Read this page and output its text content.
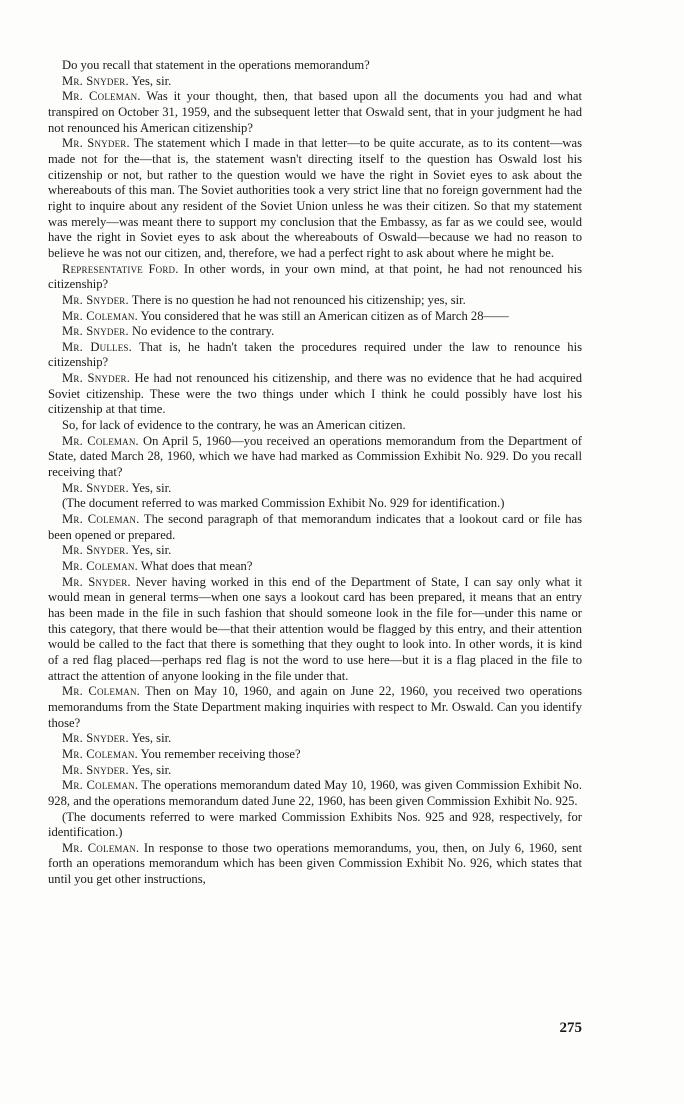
Do you recall that statement in the operations memorandum?

Mr. Snyder. Yes, sir.

Mr. Coleman. Was it your thought, then, that based upon all the documents you had and what transpired on October 31, 1959, and the subsequent letter that Oswald sent, that in your judgment he had not renounced his American citizenship?

Mr. Snyder. The statement which I made in that letter—to be quite accurate, as to its content—was made not for the—that is, the statement wasn't directing itself to the question has Oswald lost his citizenship or not, but rather to the question would we have the right in Soviet eyes to ask about the whereabouts of this man. The Soviet authorities took a very strict line that no foreign government had the right to inquire about any resident of the Soviet Union unless he was their citizen. So that my statement was merely—was meant there to support my conclusion that the Embassy, as far as we could see, would have the right in Soviet eyes to ask about the whereabouts of Oswald—because we had no reason to believe he was not our citizen, and, therefore, we had a perfect right to ask about where he might be.

Representative Ford. In other words, in your own mind, at that point, he had not renounced his citizenship?

Mr. Snyder. There is no question he had not renounced his citizenship; yes, sir.

Mr. Coleman. You considered that he was still an American citizen as of March 28——

Mr. Snyder. No evidence to the contrary.

Mr. Dulles. That is, he hadn't taken the procedures required under the law to renounce his citizenship?

Mr. Snyder. He had not renounced his citizenship, and there was no evidence that he had acquired Soviet citizenship. These were the two things under which I think he could possibly have lost his citizenship at that time.

So, for lack of evidence to the contrary, he was an American citizen.

Mr. Coleman. On April 5, 1960—you received an operations memorandum from the Department of State, dated March 28, 1960, which we have had marked as Commission Exhibit No. 929. Do you recall receiving that?

Mr. Snyder. Yes, sir.

(The document referred to was marked Commission Exhibit No. 929 for identification.)

Mr. Coleman. The second paragraph of that memorandum indicates that a lookout card or file has been opened or prepared.

Mr. Snyder. Yes, sir.

Mr. Coleman. What does that mean?

Mr. Snyder. Never having worked in this end of the Department of State, I can say only what it would mean in general terms—when one says a lookout card has been prepared, it means that an entry has been made in the file in such fashion that should someone look in the file for—under this name or this category, that there would be—that their attention would be flagged by this entry, and their attention would be called to the fact that there is something that they ought to look into. In other words, it is kind of a red flag placed—perhaps red flag is not the word to use here—but it is a flag placed in the file to attract the attention of anyone looking in the file under that.

Mr. Coleman. Then on May 10, 1960, and again on June 22, 1960, you received two operations memorandums from the State Department making inquiries with respect to Mr. Oswald. Can you identify those?

Mr. Snyder. Yes, sir.

Mr. Coleman. You remember receiving those?

Mr. Snyder. Yes, sir.

Mr. Coleman. The operations memorandum dated May 10, 1960, was given Commission Exhibit No. 928, and the operations memorandum dated June 22, 1960, has been given Commission Exhibit No. 925.

(The documents referred to were marked Commission Exhibits Nos. 925 and 928, respectively, for identification.)

Mr. Coleman. In response to those two operations memorandums, you, then, on July 6, 1960, sent forth an operations memorandum which has been given Commission Exhibit No. 926, which states that until you get other instructions,

275
